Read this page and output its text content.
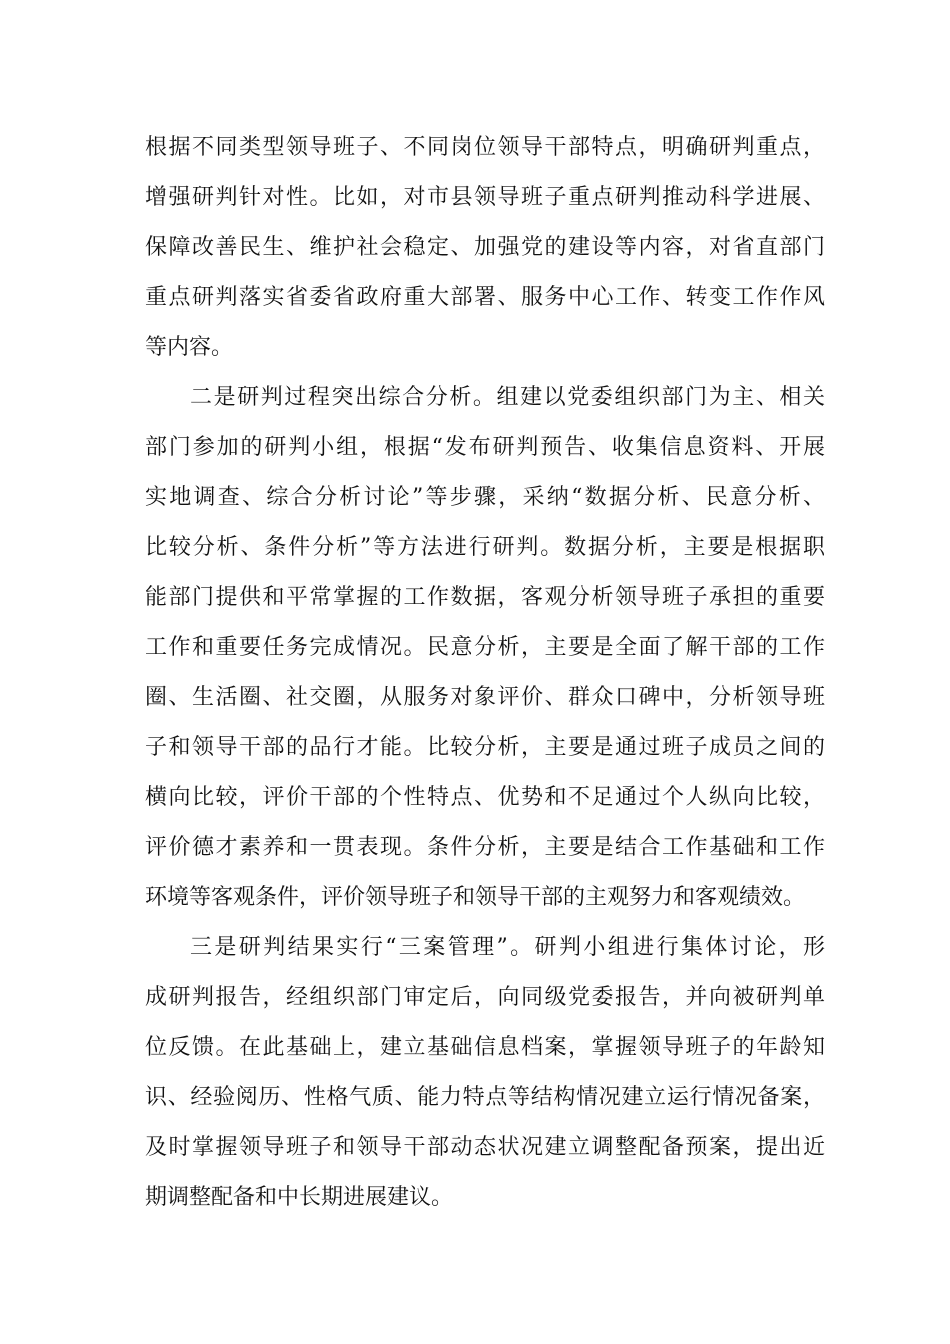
根据不同类型领导班子、不同岗位领导干部特点，明确研判重点，
增强研判针对性。比如，对市县领导班子重点研判推动科学进展、
保障改善民生、维护社会稳定、加强党的建设等内容，对省直部门
重点研判落实省委省政府重大部署、服务中心工作、转变工作作风
等内容。
二是研判过程突出综合分析。组建以党委组织部门为主、相关
部门参加的研判小组，根据“发布研判预告、收集信息资料、开展
实地调查、综合分析讨论”等步骤，采纳“数据分析、民意分析、
比较分析、条件分析”等方法进行研判。数据分析，主要是根据职
能部门提供和平常掌握的工作数据，客观分析领导班子承担的重要
工作和重要任务完成情况。民意分析，主要是全面了解干部的工作
圈、生活圈、社交圈，从服务对象评价、群众口碑中，分析领导班
子和领导干部的品行才能。比较分析，主要是通过班子成员之间的
横向比较，评价干部的个性特点、优势和不足通过个人纵向比较，
评价德才素养和一贯表现。条件分析，主要是结合工作基础和工作
环境等客观条件，评价领导班子和领导干部的主观努力和客观绩效。
三是研判结果实行“三案管理”。研判小组进行集体讨论，形
成研判报告，经组织部门审定后，向同级党委报告，并向被研判单
位反馈。在此基础上，建立基础信息档案，掌握领导班子的年龄知
识、经验阅历、性格气质、能力特点等结构情况建立运行情况备案，
及时掌握领导班子和领导干部动态状况建立调整配备预案，提出近
期调整配备和中长期进展建议。
